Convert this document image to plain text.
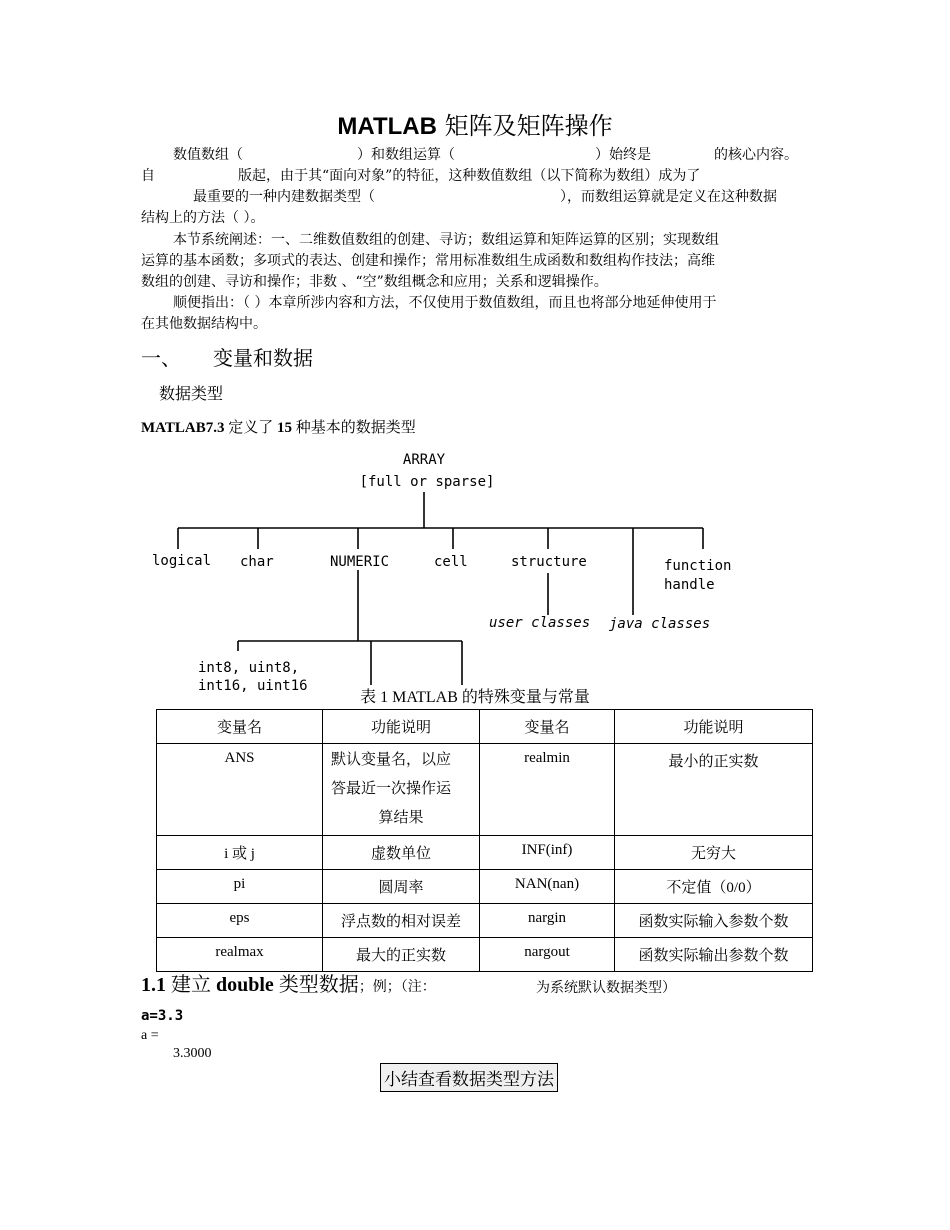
MATLAB 矩阵及矩阵操作
数值数组（	）和数组运算（	）始终是	的核心内容。
自	版起，由于其“面向对象”的特征，这种数值数组（以下简称为数组）成为了
最重要的一种内建数据类型（	），而数组运算就是定义在这种数据
结构上的方法（ ）。
本节系统阐述：一、二维数值数组的创建、寻访；数组运算和矩阵运算的区别；实现数组
运算的基本函数；多项式的表达、创建和操作；常用标准数组生成函数和数组构作技法；高维
数组的创建、寻访和操作；非数 、“空”数组概念和应用；关系和逻辑操作。
顺便指出：（ ）本章所涉内容和方法，不仅使用于数值数组，而且也将部分地延伸使用于
在其他数据结构中。
一、 变量和数据
数据类型
MATLAB7.3 定义了 15 种基本的数据类型
ARRAY
[full or sparse]
logical char	NUMERIC	cell	structure	function
handle
user classes java classes
int8, uint8,
int16, uint16
表 1 MATLAB 的特殊变量与常量
变量名	功能说明	变量名	功能说明
ANS	默认变量名，以应
答最近一次操作运
算结果	realmin	最小的正实数
i 或 j	虚数单位	INF(inf)	无穷大
pi	圆周率	NAN(nan)	不定值（0/0）
eps	浮点数的相对误差	nargin	函数实际输入参数个数
realmax	最大的正实数	nargout	函数实际输出参数个数
1.1 建立 double 类型数据；例；（注：	为系统默认数据类型）
a=3.3
a =
3.3000
小结查看数据类型方法
